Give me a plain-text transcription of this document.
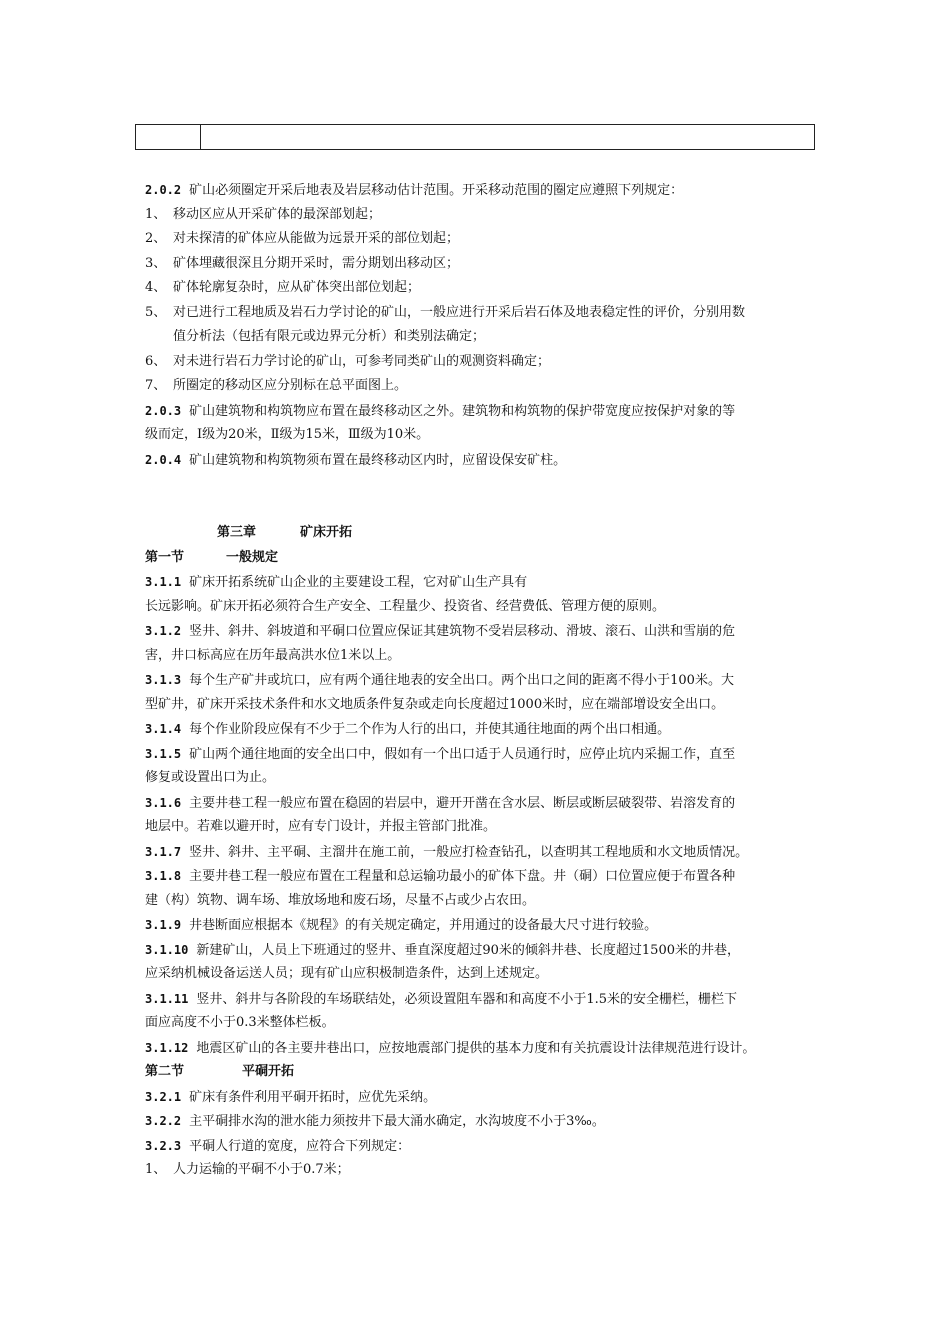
2.0.2 矿山必须圈定开采后地表及岩层移动估计范围。开采移动范围的圈定应遵照下列规定：
1、 移动区应从开采矿体的最深部划起；
2、 对未探清的矿体应从能做为远景开采的部位划起；
3、 矿体埋藏很深且分期开采时，需分期划出移动区；
4、 矿体轮廓复杂时，应从矿体突出部位划起；
5、 对已进行工程地质及岩石力学讨论的矿山，一般应进行开采后岩石体及地表稳定性的评价，分别用数
值分析法（包括有限元或边界元分析）和类别法确定；
6、 对未进行岩石力学讨论的矿山，可参考同类矿山的观测资料确定；
7、 所圈定的移动区应分别标在总平面图上。
2.0.3 矿山建筑物和构筑物应布置在最终移动区之外。建筑物和构筑物的保护带宽度应按保护对象的等
级而定，Ⅰ级为20米，Ⅱ级为15米，Ⅲ级为10米。
2.0.4 矿山建筑物和构筑物须布置在最终移动区内时，应留设保安矿柱。
第三章	矿床开拓
第一节	一般规定
3.1.1 矿床开拓系统矿山企业的主要建设工程，它对矿山生产具有
长远影响。矿床开拓必须符合生产安全、工程量少、投资省、经营费低、管理方便的原则。
3.1.2 竖井、斜井、斜坡道和平硐口位置应保证其建筑物不受岩层移动、滑坡、滚石、山洪和雪崩的危
害，井口标高应在历年最高洪水位1米以上。
3.1.3 每个生产矿井或坑口，应有两个通往地表的安全出口。两个出口之间的距离不得小于100米。大
型矿井，矿床开采技术条件和水文地质条件复杂或走向长度超过1000米时，应在端部增设安全出口。
3.1.4 每个作业阶段应保有不少于二个作为人行的出口，并使其通往地面的两个出口相通。
3.1.5 矿山两个通往地面的安全出口中，假如有一个出口适于人员通行时，应停止坑内采掘工作，直至
修复或设置出口为止。
3.1.6 主要井巷工程一般应布置在稳固的岩层中，避开开凿在含水层、断层或断层破裂带、岩溶发育的
地层中。若难以避开时，应有专门设计，并报主管部门批准。
3.1.7 竖井、斜井、主平硐、主溜井在施工前，一般应打检查钻孔，以查明其工程地质和水文地质情况。
3.1.8 主要井巷工程一般应布置在工程量和总运输功最小的矿体下盘。井（硐）口位置应便于布置各种
建（构）筑物、调车场、堆放场地和废石场，尽量不占或少占农田。
3.1.9 井巷断面应根据本《规程》的有关规定确定，并用通过的设备最大尺寸进行较验。
3.1.10 新建矿山，人员上下班通过的竖井、垂直深度超过90米的倾斜井巷、长度超过1500米的井巷，
应采纳机械设备运送人员；现有矿山应积极制造条件，达到上述规定。
3.1.11 竖井、斜井与各阶段的车场联结处，必须设置阻车器和和高度不小于1.5米的安全栅栏，栅栏下
面应高度不小于0.3米整体栏板。
3.1.12 地震区矿山的各主要井巷出口，应按地震部门提供的基本力度和有关抗震设计法律规范进行设计。
第二节	平硐开拓
3.2.1 矿床有条件利用平硐开拓时，应优先采纳。
3.2.2 主平硐排水沟的泄水能力须按井下最大涌水确定，水沟坡度不小于3‰。
3.2.3 平硐人行道的宽度，应符合下列规定：
1、 人力运输的平硐不小于0.7米；
